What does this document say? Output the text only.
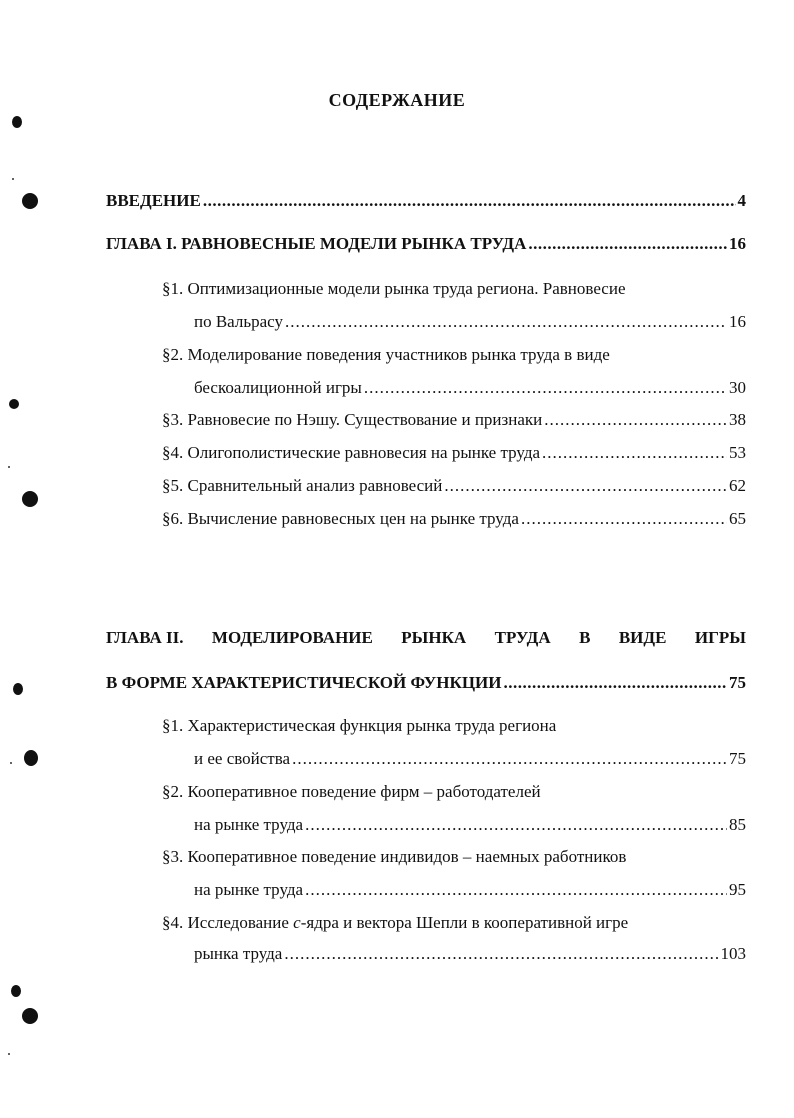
СОДЕРЖАНИЕ
ВВЕДЕНИЕ .....	4
ГЛАВА I. РАВНОВЕСНЫЕ МОДЕЛИ РЫНКА ТРУДА .....	16
§1. Оптимизационные модели рынка труда региона. Равновесие
по Вальрасу .....	16
§2. Моделирование поведения участников рынка труда в виде
бескоалиционной игры .....	30
§3. Равновесие по Нэшу. Существование и признаки .....	38
§4. Олигополистические равновесия на рынке труда .....	53
§5. Сравнительный анализ равновесий .....	62
§6. Вычисление равновесных цен на рынке труда .....	65
ГЛАВА II. МОДЕЛИРОВАНИЕ РЫНКА ТРУДА В ВИДЕ ИГРЫ
В ФОРМЕ ХАРАКТЕРИСТИЧЕСКОЙ ФУНКЦИИ .....	75
§1. Характеристическая функция рынка труда региона
и ее свойства .....	75
§2. Кооперативное поведение фирм – работодателей
на рынке труда .....	85
§3. Кооперативное поведение индивидов – наемных работников
на рынке труда .....	95
§4. Исследование с-ядра и вектора Шепли в кооперативной игре
рынка труда .....	103
